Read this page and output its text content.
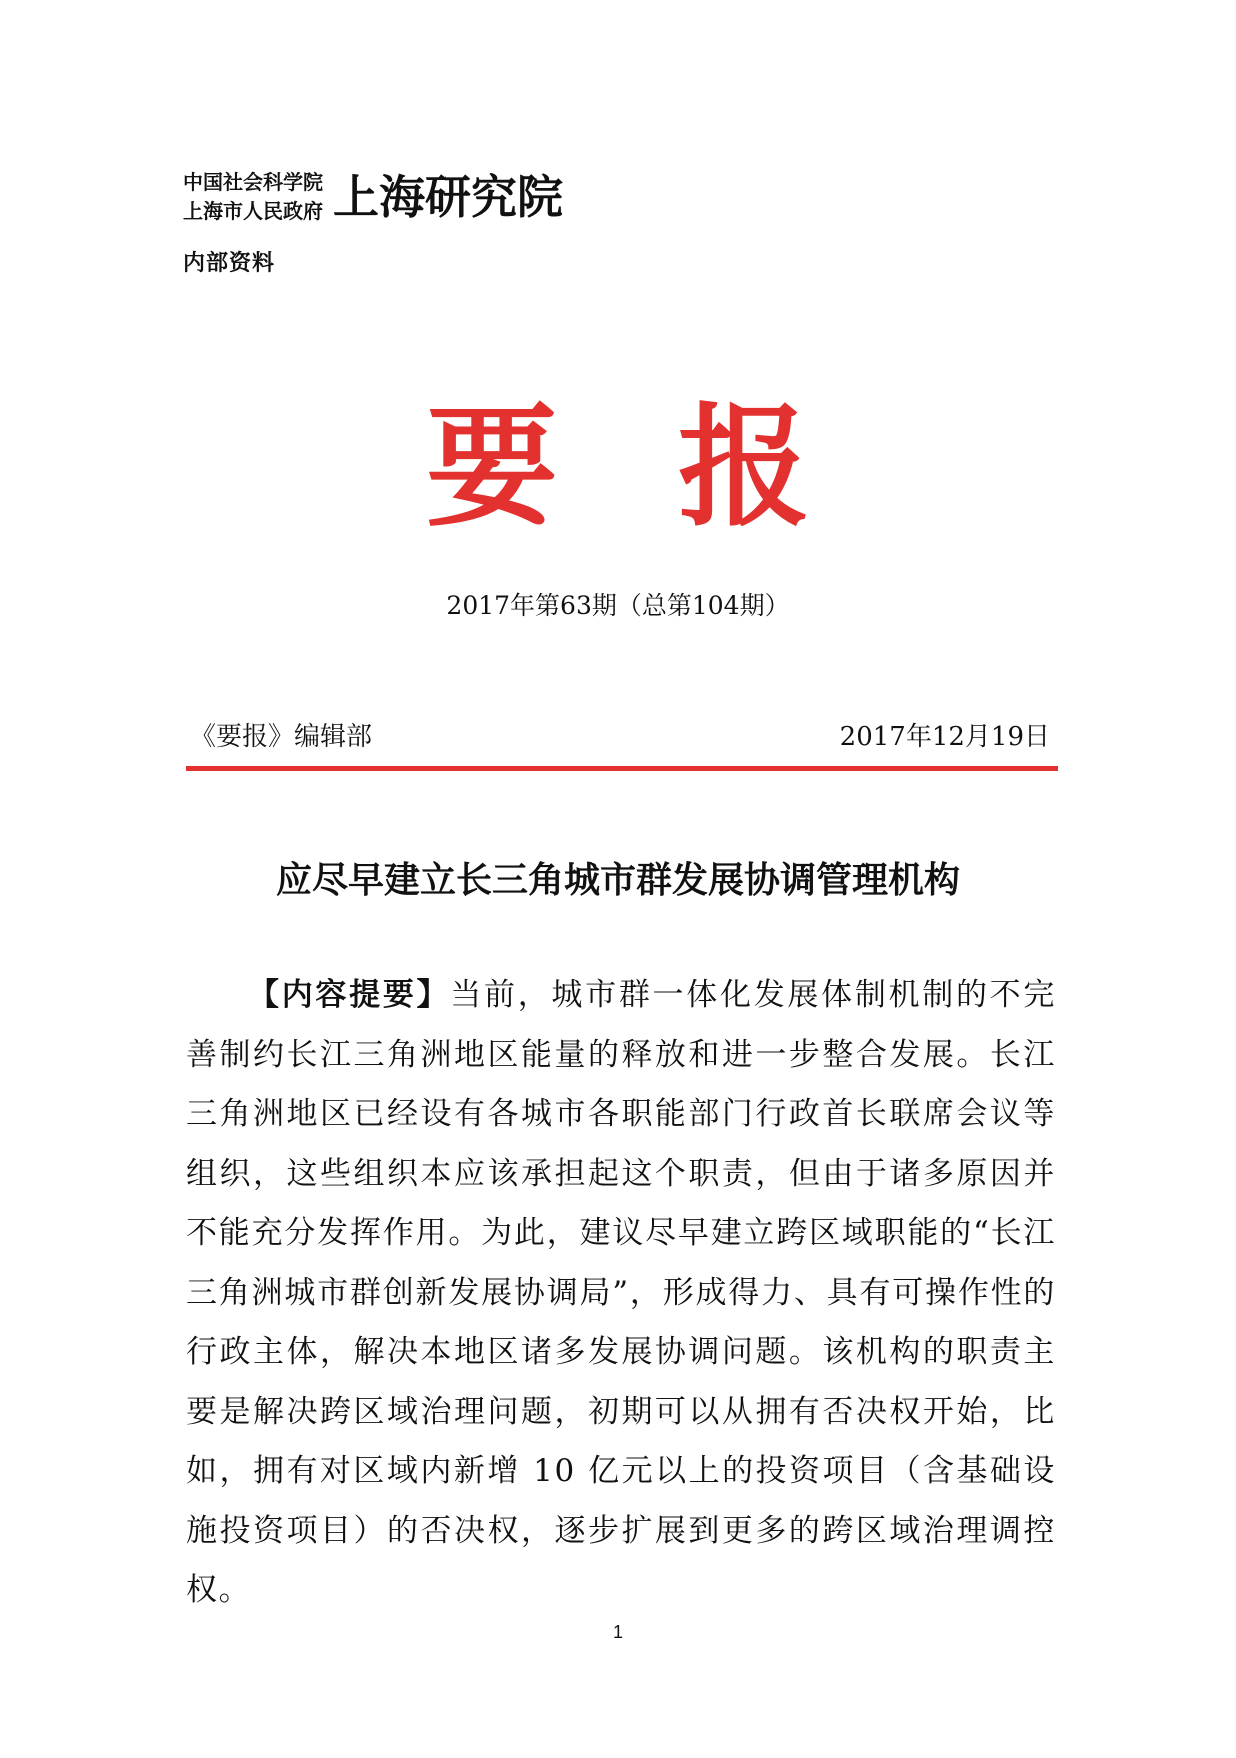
中国社会科学院
上海市人民政府 上海研究院
内部资料
要 报
2017年第63期（总第104期）
《要报》编辑部	2017年12月19日
应尽早建立长三角城市群发展协调管理机构

【内容提要】当前，城市群一体化发展体制机制的不完善制约长江三角洲地区能量的释放和进一步整合发展。长江三角洲地区已经设有各城市各职能部门行政首长联席会议等组织，这些组织本应该承担起这个职责，但由于诸多原因并不能充分发挥作用。为此，建议尽早建立跨区域职能的“长江三角洲城市群创新发展协调局”，形成得力、具有可操作性的行政主体，解决本地区诸多发展协调问题。该机构的职责主要是解决跨区域治理问题，初期可以从拥有否决权开始，比如，拥有对区域内新增 10 亿元以上的投资项目（含基础设施投资项目）的否决权，逐步扩展到更多的跨区域治理调控权。

1
